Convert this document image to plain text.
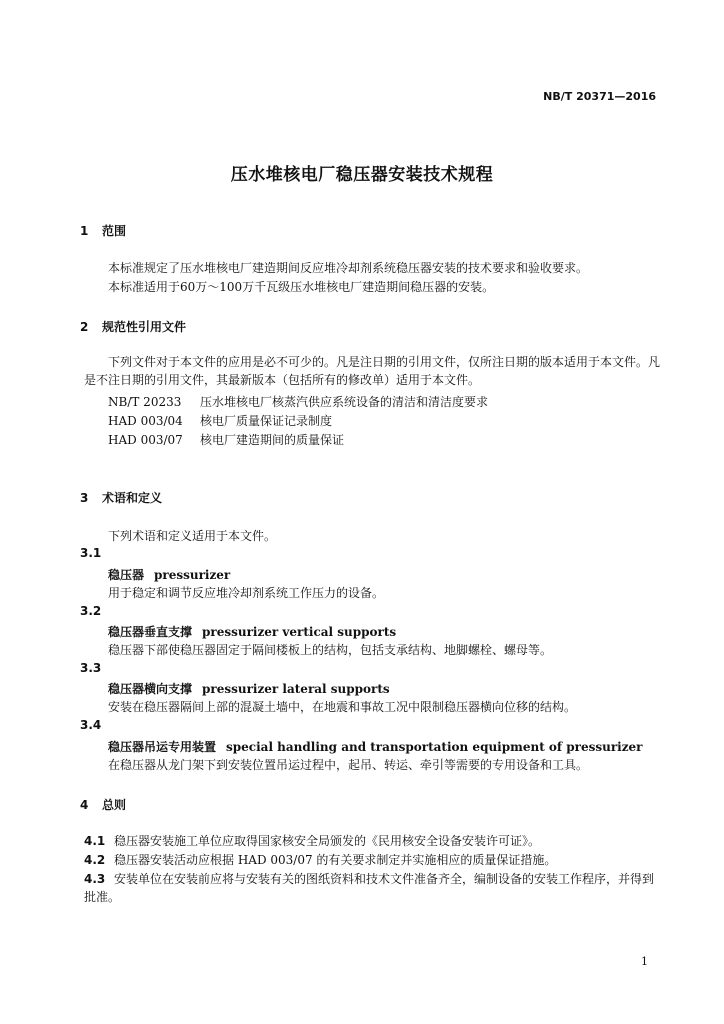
NB/T 20371—2016
压水堆核电厂稳压器安装技术规程
1 范围
本标准规定了压水堆核电厂建造期间反应堆冷却剂系统稳压器安装的技术要求和验收要求。
本标准适用于60万～100万千瓦级压水堆核电厂建造期间稳压器的安装。
2 规范性引用文件
下列文件对于本文件的应用是必不可少的。凡是注日期的引用文件，仅所注日期的版本适用于本文件。凡是不注日期的引用文件，其最新版本（包括所有的修改单）适用于本文件。
NB/T 20233 压水堆核电厂核蒸汽供应系统设备的清洁和清洁度要求
HAD 003/04 核电厂质量保证记录制度
HAD 003/07 核电厂建造期间的质量保证
3 术语和定义
下列术语和定义适用于本文件。
3.1
稳压器 pressurizer
用于稳定和调节反应堆冷却剂系统工作压力的设备。
3.2
稳压器垂直支撑 pressurizer vertical supports
稳压器下部使稳压器固定于隔间楼板上的结构，包括支承结构、地脚螺栓、螺母等。
3.3
稳压器横向支撑 pressurizer lateral supports
安装在稳压器隔间上部的混凝土墙中，在地震和事故工况中限制稳压器横向位移的结构。
3.4
稳压器吊运专用装置 special handling and transportation equipment of pressurizer
在稳压器从龙门架下到安装位置吊运过程中，起吊、转运、牵引等需要的专用设备和工具。
4 总则
4.1 稳压器安装施工单位应取得国家核安全局颁发的《民用核安全设备安装许可证》。
4.2 稳压器安装活动应根据 HAD 003/07 的有关要求制定并实施相应的质量保证措施。
4.3 安装单位在安装前应将与安装有关的图纸资料和技术文件准备齐全，编制设备的安装工作程序，并得到批准。
1
